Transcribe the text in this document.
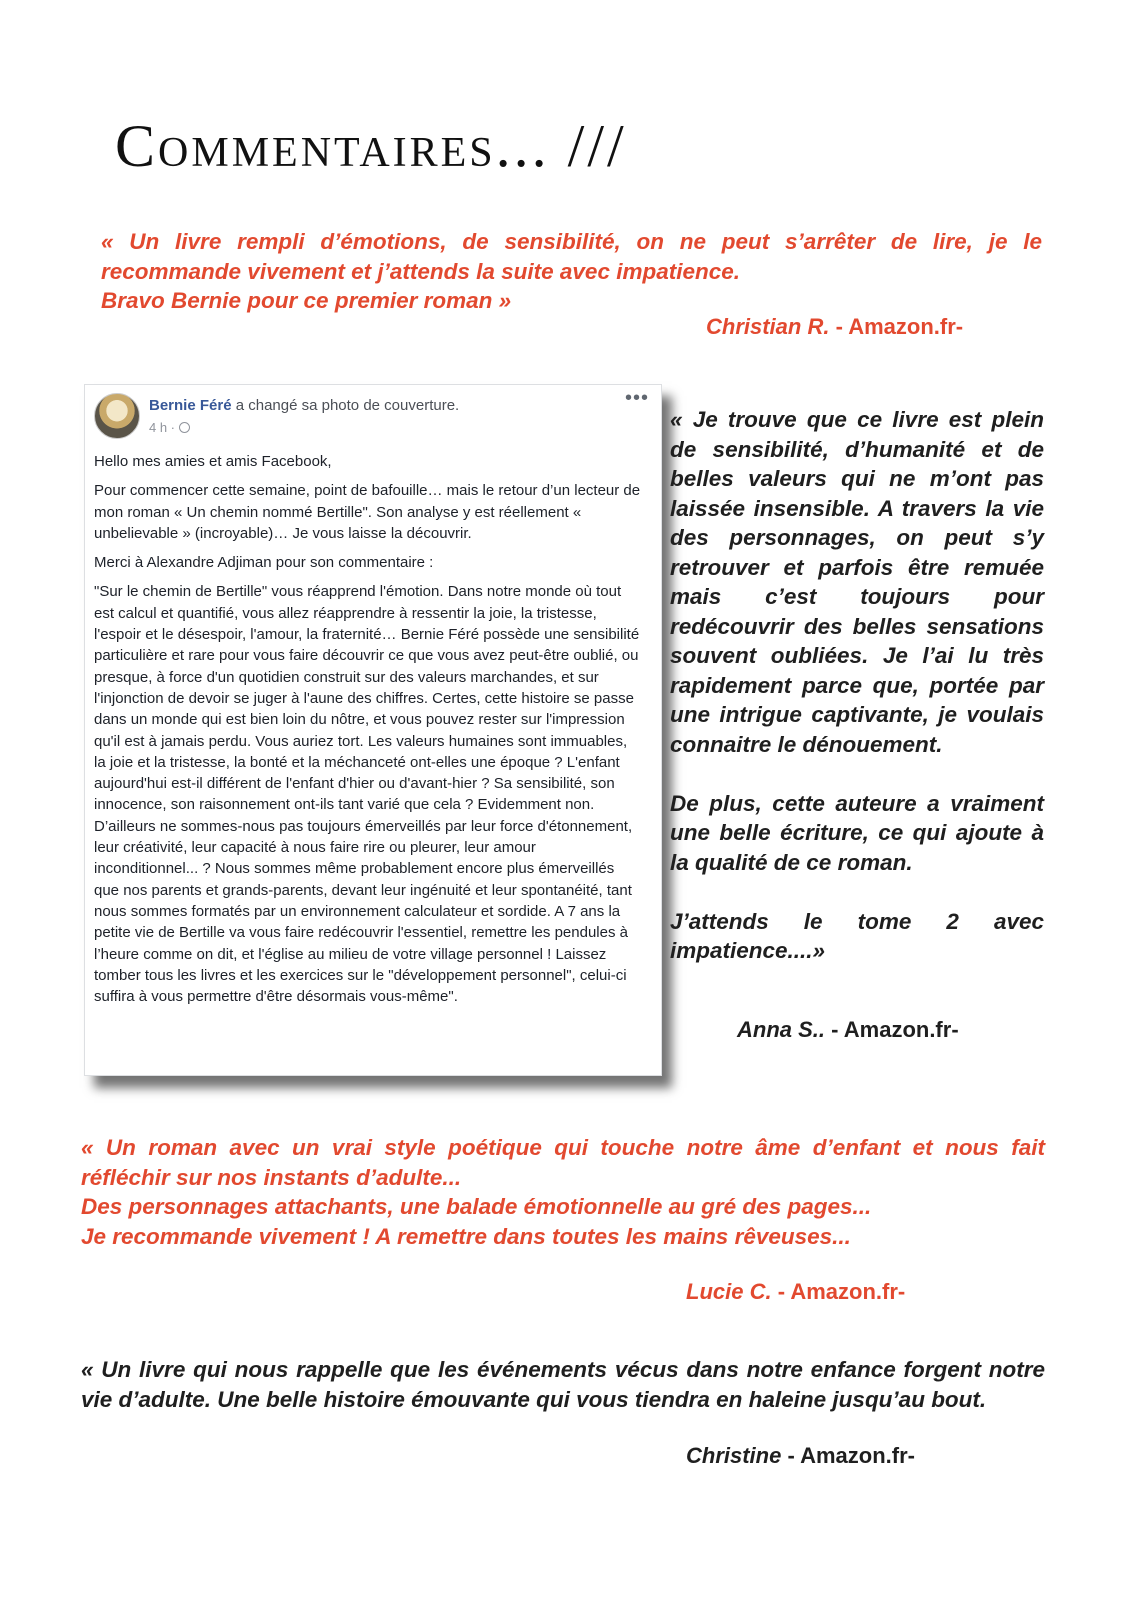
Commentaires... ///

« Un livre rempli d’émotions, de sensibilité, on ne peut s’arrêter de lire, je le recommande vivement et j’attends la suite avec impatience.

Bravo Bernie pour ce premier roman »

Christian R. - Amazon.fr-
Bernie Féré a changé sa photo de couverture.
4 h ·
•••

Hello mes amies et amis Facebook,

Pour commencer cette semaine, point de bafouille… mais le retour d’un lecteur de mon roman « Un chemin nommé Bertille". Son analyse y est réellement « unbelievable » (incroyable)… Je vous laisse la découvrir.

Merci à Alexandre Adjiman pour son commentaire :

"Sur le chemin de Bertille" vous réapprend l'émotion. Dans notre monde où tout est calcul et quantifié, vous allez réapprendre à ressentir la joie, la tristesse, l'espoir et le désespoir, l'amour, la fraternité… Bernie Féré possède une sensibilité particulière et rare pour vous faire découvrir ce que vous avez peut-être oublié, ou presque, à force d'un quotidien construit sur des valeurs marchandes, et sur l'injonction de devoir se juger à l'aune des chiffres. Certes, cette histoire se passe dans un monde qui est bien loin du nôtre, et vous pouvez rester sur l'impression qu'il est à jamais perdu. Vous auriez tort. Les valeurs humaines sont immuables, la joie et la tristesse, la bonté et la méchanceté ont-elles une époque ? L'enfant aujourd'hui est-il différent de l'enfant d'hier ou d'avant-hier ? Sa sensibilité, son innocence, son raisonnement ont-ils tant varié que cela ? Evidemment non. D’ailleurs ne sommes-nous pas toujours émerveillés par leur force d'étonnement, leur créativité, leur capacité à nous faire rire ou pleurer, leur amour inconditionnel... ? Nous sommes même probablement encore plus émerveillés que nos parents et grands-parents, devant leur ingénuité et leur spontanéité, tant nous sommes formatés par un environnement calculateur et sordide. A 7 ans la petite vie de Bertille va vous faire redécouvrir l'essentiel, remettre les pendules à l’heure comme on dit, et l'église au milieu de votre village personnel ! Laissez tomber tous les livres et les exercices sur le "développement personnel", celui-ci suffira à vous permettre d'être désormais vous-même".

« Je trouve que ce livre est plein de sensibilité, d’humanité et de belles valeurs qui ne m’ont pas laissée insensible. A travers la vie des personnages, on peut s’y retrouver et parfois être remuée mais c’est toujours pour redécouvrir des belles sensations souvent oubliées. Je l’ai lu très rapidement parce que, portée par une intrigue captivante, je voulais connaitre le dénouement.

De plus, cette auteure a vraiment une belle écriture, ce qui ajoute à la qualité de ce roman.

J’attends le tome 2 avec impatience....»

Anna S.. - Amazon.fr-

« Un roman avec un vrai style poétique qui touche notre âme d’enfant et nous fait réfléchir sur nos instants d’adulte...

Des personnages attachants, une balade émotionnelle au gré des pages...

Je recommande vivement ! A remettre dans toutes les mains rêveuses...

Lucie C. - Amazon.fr-

« Un livre qui nous rappelle que les événements vécus dans notre enfance forgent notre vie d’adulte. Une belle histoire émouvante qui vous tiendra en haleine jusqu’au bout.

Christine - Amazon.fr-
